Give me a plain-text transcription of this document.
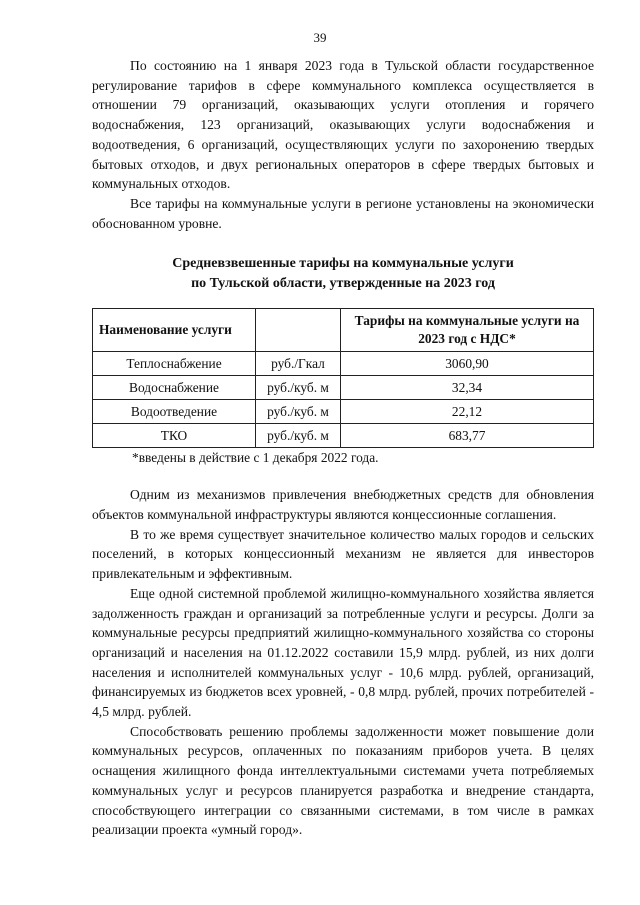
39

По состоянию на 1 января 2023 года в Тульской области государственное регулирование тарифов в сфере коммунального комплекса осуществляется в отношении 79 организаций, оказывающих услуги отопления и горячего водоснабжения, 123 организаций, оказывающих услуги водоснабжения и водоотведения, 6 организаций, осуществляющих услуги по захоронению твердых бытовых отходов, и двух региональных операторов в сфере твердых бытовых и коммунальных отходов.

Все тарифы на коммунальные услуги в регионе установлены на экономически обоснованном уровне.

Средневзвешенные тарифы на коммунальные услуги
по Тульской области, утвержденные на 2023 год
Наименование услуги		Тарифы на коммунальные услуги на 2023 год с НДС*
Теплоснабжение	руб./Гкал	3060,90
Водоснабжение	руб./куб. м	32,34
Водоотведение	руб./куб. м	22,12
ТКО	руб./куб. м	683,77
*введены в действие с 1 декабря 2022 года.

Одним из механизмов привлечения внебюджетных средств для обновления объектов коммунальной инфраструктуры являются концессионные соглашения.

В то же время существует значительное количество малых городов и сельских поселений, в которых концессионный механизм не является для инвесторов привлекательным и эффективным.

Еще одной системной проблемой жилищно-коммунального хозяйства является задолженность граждан и организаций за потребленные услуги и ресурсы. Долги за коммунальные ресурсы предприятий жилищно-коммунального хозяйства со стороны организаций и населения на 01.12.2022 составили 15,9 млрд. рублей, из них долги населения и исполнителей коммунальных услуг - 10,6 млрд. рублей, организаций, финансируемых из бюджетов всех уровней, - 0,8 млрд. рублей, прочих потребителей - 4,5 млрд. рублей.

Способствовать решению проблемы задолженности может повышение доли коммунальных ресурсов, оплаченных по показаниям приборов учета. В целях оснащения жилищного фонда интеллектуальными системами учета потребляемых коммунальных услуг и ресурсов планируется разработка и внедрение стандарта, способствующего интеграции со связанными системами, в том числе в рамках реализации проекта «умный город».
